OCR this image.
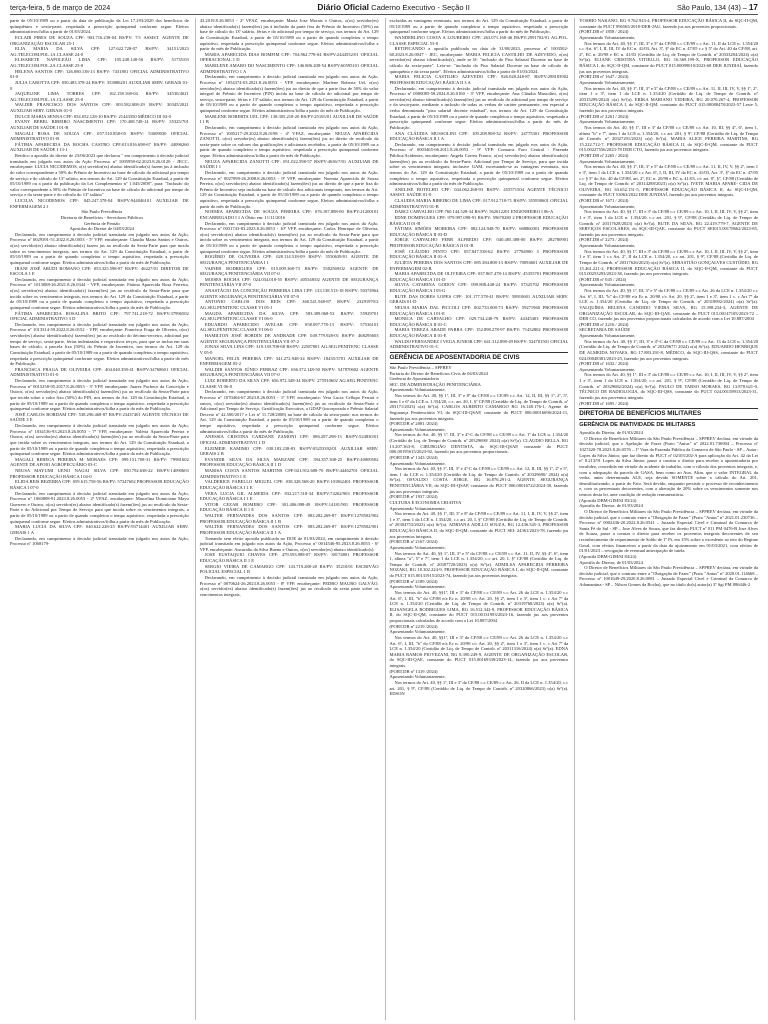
terça-feira, 5 de março de 2024	Diário Oficial Caderno Executivo - Seção II	São Paulo, 134 (43) – 17

parte de 05/10/1989 ou a partir da data de publicação da Lei 17.293/2020 dos benefícios de quinquênios e sexta-parte, respeitada a prescrição quinquenal conforme segue. Efeitos administrativos/folha a partir de 01/03/2024.

ECLAIR PIRES DE SOUZA CPF: 903.716.238-04 RS/PV: 7/1 ASSIST. AGENTE DE ORGANIZAÇÃO ESCOLAR 25-1

ELIA MARIA DA SILVA CPF: 127.622.728-07 RS/PV: 34151/2023 AG.TELECOM.POL.1A.CLASSE 24-0

ELISABETE NAPOLEÃO LIMA CPF: 105.248.148-56 RS/PV: 51735/03 AG.TELECOM.POL.2A.CLASSE 25-0

HELENA SANTOS CPF: 126.080.138-13 RS/PV: 7431801 OFICIAL ADMINISTRATIVO 01-0

JULIA CAROTTA CPF: 050.483.378-24 RS/PV: 353886201 AUXILIAR SERV. GERAIS 01-0

JAQUELINE LIMA TORRES CPF: 162.158.168-04 RS/PV: 34530/4021 AG.TELECOM.POL.1A.CLASSE 25-0

WALDIR FRANCISCO DOS SANTOS CPF: 003.582.008-29 RS/PV: 30345/2021 AUXILIAR SERV. GERAIS 01-0

DULCE MARIA SENNA CPF: 054.052.128-10 RS/PV: 21443350 MÉDICO III 03-0

EVANY BEBEL RIBEIRO NASCIMENTO CPF: 170.408.748-14 RS/PV: 35325/701 AUXILIAR DE SAÚDE I 01-B

MAGALI ROSA DE SOUZA CPF: 057.510.858-05 RS/PV: 53009030 OFICIAL ADMINISTRATIVO 01-B

FÁTIMA APARECIDA DA ROCHA CASTRO CPF:013.816.698-67 RS/PV: 44096260 AUXILIAR DE SAÚDE I 13-1

Retifico a apostila do diretor de 23/06/2023 que declarou " em cumprimento à decisão judicial transitada em julgado nos autos da Ação Processo nº 1005958-62.2023.8.26.0120 - JECC, encabeçante: LUCIA NICODEMOS, o(s) servidor(es) abaixo identificado(s) fazem jus à inclusão do valor correspondente a 50% do Prêmio de Incentivo na base de cálculo do adicional por tempo de serviço e do cálculo do 13º salário, nos termos do Art. 129 da Constituição Estadual, a partir de 05/10/1989 ou a partir da publicação da Lei Complementar nº 1.045/2008", para: "Inclusão do valor correspondente a 50% do Prêmio de Incentivo na base de cálculo do adicional por tempo de serviço e da sexta-parte e do cálculo do 13º salário"

LUCILIA NICODEMOS CPF: 045.247.378-04 RS/PV:944046101 AUXILIAR DE ENFERMAGEM 2 I

São Paulo Previdência

Diretoria de Benefícios - Servidores Públicos

Gerência de Pensão

Apostilas do Diretor de 04/03/2024

Declarando, em cumprimento à decisão judicial transitada em julgado nos autos da Ação, Processo nº 0029391-51.2022.8.26.0053 - 5ª VFP, encabeçante: Claudia Maria Santos e Outros, o(os) servidor(es) abaixo identificado(s) fazem jus ao recálculo da Sexta-Parte para que incida sobre os vencimentos integrais, nos termos do Art. 129 da Constituição Estadual, a partir de 05/10/1989 ou a partir de quando completou o tempo aquisitivo, respeitada a prescrição quinquenal conforme segue. Efeitos administrativos/folha a partir do mês de Publicação.

IRANI JOSÉ ARUDI ROMANO CPF: 053.325.598-87 RS/PV: 46227/01 DIRETOR DE ESCOLA 1 E

Declarando, em cumprimento à decisão judicial transitada em julgado nos autos da Ação, Processo nº 1013088-26.2021.8.26.0344 - VFP, encabeçante: Fátima Aparecida Rosa Ferreira, o(os) servidor(es) abaixo identificado(s) fazem(ões) jus ao recálculo da Sexta-Parte para que incida sobre os vencimentos integrais, nos termos do Art. 129 da Constituição Estadual, a partir de 05/10/1989 ou a partir de quando completou o tempo aquisitivo, respeitada a prescrição quinquenal conforme segue. Efeitos administrativos/folha a partir do mês de Publicação.

FÁTIMA APARECIDA ROSALINA BRITO CPF: 797.741.218-72 RS/PV:37996502 OFICIAL ADMINISTRATIVO 3 D

Declarando, em cumprimento à decisão judicial transitada em julgado nos autos da Ação, Processo nº 1013314-59.2022.8.26.0152 - VFP, encabeçante: Francisca Fraga de Oliveira, o(os) servidor(es) abaixo identificado(s) fazem(ões) jus ao recálculo do décimo-terceiro, adicional por tempo de serviço, sexta-parte, férias indenizadas e respectivos terços, para que se inclua em suas bases de cálculo, a parcela fixa (50%) do Prêmio de Incentivo, nos termos do Art. 129 da Constituição Estadual, a partir de 05/10/1989 ou a partir de quando completou o tempo aquisitivo, respeitada a prescrição quinquenal conforme segue. Efeitos administrativos/folha a partir do mês de Publicação.

FRANCISCA FRAGA DE OLIVEIRA CPF: 404.040.358-41 RS/PV:34768601 OFICIAL ADMINISTRATIVO 01-0

Declarando, em cumprimento à decisão judicial transitada em julgado nos autos da Ação, Processo nº 0015258-95.2017.8.26.0053 - 3ª VFP, encabeçante: Juarez Pacheco da Conceição e Outros, o(os) servidor(es) abaixo identificado(s) fazem(ões) jus ao recálculo da Sexta-Parte para que incida sobre o valor fixo (50%) do PIN, nos termos do Art. 129 da Constituição Estadual, a partir de 05/10/1989 ou a partir de quando completou o tempo aquisitivo, respeitada a prescrição quinquenal conforme segue. Efeitos administrativos/folha a partir do mês de Publicação.

JOSÉ CARLOS BORDAM CPF: 538.296.468-87 RS/PV:23437401 AGENTE TÉCNICO DE SAÚDE 3 E

Declarando, em cumprimento à decisão judicial transitada em julgado nos autos da Ação, Processo nº 1034136-93.2023.8.26.0053 - 7ª VFP, encabeçante: Valéria Aparecida Pereira e Outros, o(os) servidor(es) abaixo identificado(s) fazem(ões) jus ao recálculo da Sexta-Parte para que incida sobre os vencimentos integrais, nos termos do Art. 129 da Constituição Estadual, a partir de 05/10/1989 ou a partir de quando completou o tempo aquisitivo, respeitada a prescrição quinquenal conforme segue. Efeitos administrativos/folha a partir do mês de Publicação.

MAGALI REBECA PEREIRA M MORAES CPF: 099.151.708-31 RS/PV: 79981602 AGENTE DE APOIO AGROPECUÁRIO 03-C

NEUSA MAYUMI UENO NAGAI SILVA CPF: 050.792.638-22 RS/PV:14090603 PROFESSOR EDUCAÇÃO BÁSICA I 04-0

ELIDA REIS BEZERRA CPF: 059.615.758-56 RS/PV: 57347602 PROFESSOR EDUCAÇÃO BÁSICA I 07-0

Declarando, em cumprimento à decisão judicial transitada em julgado nos autos da Ação, Processo nº 1060808-91.2023.8.26.0053 - 2ª VFAZ, encabeçante: Marcelina Domiciano Mayu Guerrero e Outros, o(os) servidor(es) abaixo identificado(s) fazem(ões) jus ao recálculo da Sexta-Parte e do Adicional por Tempo de Serviço para que incida sobre os vencimentos integrais, a partir de 05/10/1989 ou a partir de quando completou o tempo aquisitivo, respeitada a prescrição quinquenal conforme segue. Efeitos administrativos/folha a partir do mês de Publicação.

MARIA LUCIA DA SILVA CPF: 040.622.228-25 RS/PV:93714401 AUXILIAR SERV. GERAIS 1 A

Declarando, em cumprimento à decisão judicial transitada em julgado nos autos da Ação, Processo nº 1068179-

43.2019.8.26.0053 - 2ª VFAZ, encabeçante: Maria Jose Morais e Outros, o(os) servidor(es) abaixo identificado(s) fazem(ões) jus à inclusão da parte fixa do Prêmio de Incentivo (50%) na base de cálculo do 13º salário, férias e do adicional por tempo de serviço, nos termos do Art. 129 da Constituição Estadual, a partir de 05/10/1989 ou a partir de quando completou o tempo aquisitivo, respeitada a prescrição quinquenal conforme segue. Efeitos administrativos/folha a partir do mês de Publicação.

MARIA APARECIDA DIAS BOMFIM CPF: 704.962.778-04 RS/PV:2444552/01 OFICIAL OPERACIONAL 1 D

MARILENE AMARO DO NASCIMENTO CPF: 146.806.208-54 RS/PV:60595101 OFICIAL ADMINISTRATIVO 1 A

Declarando, em cumprimento à decisão judicial transitada em julgado nos autos da Ação, Processo nº 1054374-03.2021.8.26.0053 - VFP, encabeçante: Marlene Roberta Uel, o(os) servidor(es) abaixo identificado(s) fazem(ões) jus ao direito de que a parte fixa de 50% do valor integral do Prêmio de Incentivo (PIN) incida na base de cálculo do adicional por tempo de serviço, sexta-parte, férias e 13º salário, nos termos do Art. 129 da Constituição Estadual, a partir de 05/10/1989 ou a partir de quando completou o tempo aquisitivo, respeitada a prescrição quinquenal conforme segue. Efeitos administrativos/folha a partir do mês de Publicação.

MARLENE ROBERTA UEL CPF: 138.305.218-20 RS/PV:25165/01 AUXILIAR DE SAÚDE I 1 B

Declarando, em cumprimento à decisão judicial transitada em julgado nos autos da Ação, Processo nº 1005217-29.2022.8.26.0198 - 4ª VFAZ, encabeçante: NEUZA APARECIDA ZANOTTI, o(os) servidor(es) abaixo identificado(s) fazem(ões) jus ao direito de recálculo da sexta-parte sobre os valores das gratificações e adicionais recebidos, a partir de 05/10/1989 ou a partir de quando completou o tempo aquisitivo, respeitada a prescrição quinquenal conforme segue. Efeitos administrativos/folha a partir do mês de Publicação.

NEUZA APARECIDA ZANOTTI CPF: 051.022.598-57 RS/PV:4636/7/01 AUXILIAR DE SAÚDE I 1

Declarando, em cumprimento à decisão judicial transitada em julgado nos autos da Ação, Processo nº 0027099-26.2008.8.26.0053 - 9ª VFP, encabeçante: Noemia Aparecida de Souza Pereira, o(os) servidor(es) abaixo identificado(s) fazem(ões) jus ao direito de que a parte fixa do Prêmio de Incentivo seja incluída na base de cálculo dos adicionais temporais, nos termos do Art. 129 da Constituição Estadual, a partir de 05/10/1989 ou a partir de quando completou o tempo aquisitivo, respeitada a prescrição quinquenal conforme segue. Efeitos administrativos/folha a partir do mês de Publicação.

NOEMIA APARECIDA DE SOUZA PEREIRA CPF: 076.187.888-00 RS/PV:21200101 ENCARREGADO I 1 A Óbito em: 11/11/2016

Declarando, em cumprimento à decisão judicial transitada em julgado nos autos da Ação, Processo nº 0031743-83.2023.8.26.0053 - 10ª VFP, encabeçante: Carlos Henrique de Oliveira, o(os) servidor(es) abaixo identificado(s) fazem(ões) jus ao recálculo da Sexta-Parte para que incida sobre os vencimentos integrais, nos termos do Art. 129 da Constituição Estadual, a partir de 05/10/1989 ou a partir de quando completou o tempo aquisitivo, respeitada a prescrição quinquenal conforme segue. Efeitos administrativos/folha a partir do mês de Publicação.

ROGÉRIO DE OLIVEIRA CPF: 028.114.518-09 RS/PV: 5550639/01 AGENTE DE SEGURANÇA PENITENCIÁRIA I 1

VAINER RODRIGUES CPF: 015.009.368-73 RS/PV: 5502569/02 AGENTE DE SEGURANÇA PENITENCIÁRIA VII 07-0

MOISES ROCHA CPF: 024.034.018-55 RS/PV: 405548/02 AGENTE DE SEGURANÇA PENITENCIÁRIA VII 07-0

ANASTÁCIO DA CONCEIÇÃO FERREIRA LIRA CPF: 133.138.513-18 RS/PV: 50374964 AGENTE SEGURANÇA PENITENCIÁRIA VII 07-0

ANTONIO CARLOS DOS REIS CPF: 360.541.948-87 RS/PV: 23291970/2 AG.SEG.PENITENC CLASSE VI 05-1

MAGDA APARECIDA DA SILVA CPF: 583.389.068-53 RS/PV: 55929701 AG.SEG.PENITENC.CLASSE VI 06-0

EDUARDO APARECIDO AVELAR CPF: 058.097.778-13 RS/PV: 57536101 AG.SEG.PENITENC.CLASSE VI 06-0

HAMILTON JOSÉ BORDIN DE ANDRADE CPF: 049.779.928-01 RS/PV: 468295603 AGENTE SEGURANÇA PENITENCIÁRIA VII 07-2

JONAS SILVA LINS CPF: 319.139.708-68 RS/PV: 22587801 AG.SEG.PENITENC CLASSE V 05-0

MANOEL FELIX PEREIRA CPF: 341.272.948-34 RS/PV: 18435/3701 AUXILIAR DE ENFERMAGEM 05-2

WALDIR SANTOS JÚNIO FERRAZ CPF: 656.372.148-50 RS/PV: 547870602 AGENTE SEGURANÇA PENITENCIÁRIA VII 07-0

LUIZ ROBERTO DA SILVA CPF: 656.972.348-34 RS/PV: 275910602 AG.SEG.PENITENC CLASSE VI 06-0

Declarando, em cumprimento à decisão judicial transitada em julgado nos autos da Ação, Processo nº 1070464-67.2023.8.26.0053 - 1ª VFP, encabeçante: Vera Lucia Cellupo Ferrari e outros, o(os) servidor(es) abaixo identificado(s) fazem(ões) jus ao recálculo da Sexta-Parte e Adicional por Tempo de Serviço, Gratificação Executiva, a GDAP (incorporada e Prêmio Salarial Decreto nº 42.500/2017 e Lei nº 11.728/2008) na base de cálculo da sexta-parte, nos termos do Art. 129 da Constituição Estadual, a partir de 05/10/1989 ou a partir de quando completou o tempo aquisitivo, respeitada a prescrição quinquenal conforme segue. Efeitos administrativos/folha a partir do mês de Publicação.

ANESSIA CRISTINA CARDANE ZAMONI CPF: 086.297.298-13 RS/PV:524830/01 OFICIAL ADMINISTRATIVO 1 D

ELEIMEIE KAMIMO CPF: 038.183.238-83 RS/PV:05253392/01 AUXILIAR SERV. GERAIS 2 B

EVANDIR SILVA DA SILVA MARZARI CPF: 394.357.308-25 RS/PV:40009502 PROFESSOR EDUCAÇÃO BÁSICA II 1 D

MARISA COSTA SANTOS MARTINS CPF:021.912.688-70 RS/PV:44462701 OFICIAL ADMINISTRATIVO 1 E

VALDERICE FABELLO MIGUEL CPF: 038.328.568-20 RS/PV:101862401 PROFESSOR EDUCAÇÃO BÁSICA I 1 E

VERA LUCIA GIL ALMEIDA CPF: 832.217.518-34 RS/PV:74262/903 PROFESSOR EDUCAÇÃO BÁSICA I 1 E

VITOR CEZAR ROMERO CPF: 301.406.098-49 RS/PV:14181/901 PROFESSOR EDUCAÇÃO BÁSICA II 1 E

WALTER FERNANDES DOS SANTOS CPF: 083.282.269-87 RS/PV:1278502/902 PROFESSOR EDUCAÇÃO BÁSICA II 1 B

WALTER FERNANDES DOS SANTOS CPF: 083.282.269-87 RS/PV:1278502/901 PROFESSOR EDUCAÇÃO BÁSICA II 1 A

Tornando sem efeito apostila publicada no DOE de 01/03/2024, em cumprimento à decisão judicial transitada em julgado nos autos da Ação, Processo nº 0014546-95.2023.8.26.0053 - 6ª VFP, encabeçante: Ancuralio da Silva Bueno e Outros, o(os) servidor(es) abaixo identificado(s).

JOSE EUSTAQUIO CHAVES CPF: 479.593.988-87 RS/PV: 38174801 PROFESSOR EDUCAÇÃO BÁSICA II 1 E

SERGIO VIEIRA DE CAMARGO CPF: 143.719.288-20 RS/PV: 35210/01 ESCRIVÃO POLICIAL ESPECIAL 1 B

Declarando, em cumprimento à decisão judicial transitada em julgado nos autos da Ação, Processo nº 0070624-26.2023.8.26.0053 - 8ª VFP, encabeçante: PEDRO MAURO GALVÃO, o(os) servidor(es) abaixo identificado(s) fazem(ões) jus ao recálculo da sexta parte sobre os vencimentos integrais,

excluídas as vantagens eventuais, nos termos do Art. 129 da Constituição Estadual, a partir de 05/10/1989 ou a partir de quando completou o tempo aquisitivo, respeitada a prescrição quinquenal conforme segue. Efeitos administrativos/folha a partir do mês de Publicação.

WANDERLINO COSTA A LOUREIRO CPF: 263.071.168-46 RS/PV:2991702/01 AG.POL. CLASSE ESPECIAL 53-0

RETIFICANDO a apostila publicada no data de 31/08/2023, processo nº 1003502-60.2023.8.26.0047 - JEC, encabeçante: MARIA FELICIA CASTILHO DE AZEVEDO, o(os) servidor(es) abaixo identificado(s), onde se lê: "inclusão do Piso Salarial Docente na base de cálculo da sexta-parte". Leia-se: "inclusão do Piso Salarial Docente na base de cálculo do quinquênio e da sexta parte". Efeitos administrativos/folha a partir de 01/03/2024.

MARIA FELICIA CASTILHO AZEVEDO CPF: 826.028.248-87 RS/PV:298183902 PROFESSOR EDUCAÇÃO BÁSICA II 3 A

Declarando, em cumprimento à decisão judicial transitada em julgado nos autos da Ação, Processo nº 0000085-58.2024.8.26.0160 - 3ª VFP, encabeçante: Ana Cláudia Mussolini, o(os) servidor(es) abaixo identificado(s) fazem(ões) jus ao recálculo do adicional por tempo de serviço e da sexta-parte, mediante a inclusão de todas as verbas de caráter permanente, em especial a verba denominada "piso salarial docente estadual", nos termos do Art. 129 da Constituição Estadual, a partir de 05/10/1989 ou a partir de quando completou o tempo aquisitivo, respeitada a prescrição quinquenal conforme segue. Efeitos administrativos/folha a partir do mês de Publicação.

ANA CLÁUDIA MUSSOLINI CPF: 109.208.908-32 RS/PV: 24775301 PROFESSOR EDUCAÇÃO BÁSICA II 1 A

Declarando, em cumprimento à decisão judicial transitada em julgado nos autos da Ação, Processo nº 0003465-66.2011.8.26.0053 - 9ª VFP: Comarca Foro Central - Fazenda Pública/Acidentes, encabeçante: Angela Correa Franco, o(os) servidor(es) abaixo identificado(s) fazem(ões) jus ao recálculo da Sexta-Parte, Adicional por Tempo de Serviço, para que incida sobre os vencimentos integrais, inclusive GAM, excetuando-se as vantagens eventuais, nos termos do Art. 129 da Constituição Estadual, a partir de 05/10/1989 ou a partir de quando completou o tempo aquisitivo, respeitada a prescrição quinquenal conforme segue. Efeitos administrativos/folha a partir do mês de Publicação.

ANELISE BOTELHO CPF: 044.062.268-93 RS/PV: 455571504 AGENTE TÉCNICO ASSIST. SAÚDE 01-0

CLAUDIA MARIA RIBEIRO DE LIMA CPF: 017.912.718-71 RS/PV: 355830601 OFICIAL ADMINISTRATIVO 01-B

DARCI CARVALHO CPF:760.144.528-34 RS/PV: 562612201 ENGENHEIRO I 06-A

EDNE DOMINGUES CPF: 979.997.098-91 RS/PV: 59670280 2 PROFESSOR EDUCAÇÃO BÁSICA II 01-B

FÁTIMA SIMÕES MOREIRA CPF: 082.124.948-70 RS/PV: 668860301 PROFESSOR EDUCAÇÃO BÁSICA II 03-D

JORGE CARVALHO FERR ALFREDO CPF: 040.485.388-00 RS/PV: 282780901 PROFESSOR EDUCAÇÃO BÁSICA II 01-B

JOSÉ CLÁUDIO PINTO CPF: 057.847.538-62 RS/PV: 27784900 3 PROFESSOR EDUCAÇÃO BÁSICA II 01-A

JULIETA PEREIRA DOS SANTOS CPF: 085.384.808-13 RS/PV: 70094601 AUXILIAR DE ENFERMAGEM 02-B

MARIA APARECIDA DE OLIVEIRA CPF: 037.867.478-14 RS/PV: 45355701 PROFESSOR EDUCAÇÃO BÁSICA I 01-D

SILVIA CATARINA GODOY CPF: 099.808.448-24 RS/PV: 57325702 PROFESSOR EDUCAÇÃO BÁSICA I 03-G

RUTE DAS DORES LOPES CPF: 101.177.578-41 RS/PV: 58910601 AUXILIAR SERV. GERAIS 01-D

NEUSA MARIA DAL PICCOLI CPF: 002.733.008-73 RS/PV: 59271960 PROFESSOR EDUCAÇÃO BÁSICA I 01-E

MONICA DE CARVALHO CPF: 029.734.248-79 RS/PV: 44345403 PROFESSOR EDUCAÇÃO BÁSICA II 01-C

MARIA TEREZA ABADE PARRA CPF: 152.898.278-97 RS/PV: 71432802 PROFESSOR EDUCAÇÃO BÁSICA II 01-E

WALDO FERNANDEZ I VEGA JUNIOR CPF: 641.312.898-49 RS/PV: 524701501 OFICIAL ADMINISTRATIVO 01-C

GERÊNCIA DE APOSENTADORIA DE CIVIS

São Paulo Previdência – SPPREV

Portaria do Diretor de Benefícios Civis de 04/03/2024

Gerência de Aposentadoria

SEC. DE ADMINISTRAÇÃO PENITENCIÁRIA

Aposentando Voluntariamente,

Nos termos do Art. 40, §§ 1º, III, 3º e 8º da CF/88 c.c CE/89 c.c Art. 12, II, III, §§ 1º, 2º, 5º, item 1 e 6º da LCE n. 1.354/20, c.c. art. 20, I, §º CF/88 (Certidão de Liq. de Tempo de Contrib. nº 203171/2023) o(a) Srº(a). CARLOS ALBERTO CAMARGO RG 16.148.176-1, Agente de Segurança Penitenciária VI, do SQC-III-QSAP, constante do PUCT 006.00016696/2024-11, fazendo jus aos proventos integrais.

(PORT.DB nº 2081 /2024)

Aposentando Voluntariamente,

Nos termos do Art. 40, §§ 1º, III, 3º e 4º-C da CF/88 c.c CE/89 c.c Art. 1º da LCE n. 1.354/20 (Certidão de Liq. de Tempo de Contrib. nº 20329690/ 2024) o(a) Srº(a). CLAUDIO BELLA, RG 13.207.363-8, CIRURGIÃO DENTISTA, do SQC-III-QSAP, constante do PUCT 006.00195615/2023-92, fazendo jus aos proventos proporcionais.

(PORT.DB nº 1343 /2024)

Aposentando Voluntariamente,

Nos termos do Art. 40, §§ 1º, III, 3º e 4º-C da CF/88 c.c CE/89 c.c Art. 12, II, III, §§ 1º, 2º e 5º, item 1 do LCE n. 1.354/20 (Certidão de Liq. de Tempo de Contrib. nº 20329690/ 2024) o(a) Srº(a). OSVALDO COSTA JORGE, RG 16.876.291-2, AGENTE SEGURANÇA PENITENCIÁRIA VII, do SQC-III-QSAP, constante do PUCT 006.00016722/2024-30, fazendo jus aos proventos integrais.

(PORT.DB nº 1937 /2024)

CULTURA E ECONOMIA CRIATIVA

Aposentando Voluntariamente,

Nos termos do Art. 40, §§ 1º, III, 3º e 8º da CF/88 c.c CE/89 c.c Art. 11, I, II, IV, V, §§ 2º, item 1 e 3º, item 1 da LCE n. 1.354/20, c.c art. 20, I, §º CF/88 (Certidão de Liq. de Tempo de Contrib. nº 20304753/2023) o(a) Srº(a). ADRIANA ADILLO SOUZA, RG 12.436.345-3, PROFESSOR EDUCAÇÃO BÁSICA II, do SQC-II-QM, constante do PUCT SEI: 24361/2023-78, fazendo jus aos proventos integrais.

(PORT.DB nº 2167 /2024)

Aposentando Voluntariamente,

Nos termos do Art. 40, §§ 1º, III, 3º e 5º da CF/88 c.c CE/89 c.c Art. 11, II, IV, §§ 4º, 6º, item 1, alínea "a", 5º e 7º, item 1 da LCE n. 1.354/20, c.c art. 20, I, §º CF/88 (Certidão de Liq. de Tempo de Contrib. nº 20307720/2023) o(a) Srº(a). ADMILSA APARECIDA FERREIRA NOZAKI, RG 18.302.224-9, PROFESSOR EDUCAÇÃO BÁSICA I, do SQC-II-QM, constante do PUCT 015.00131915/2023-74, fazendo jus aos proventos integrais.

(PORT.DB nº 2189 /2024)

Aposentando Voluntariamente,

Nos termos do Art. 40, §§1º, III e 3º da CF/88 c.c CE/89 c.c Art. 26 da LCE n. 1.354/20 c.c Art. 6º, I, III, "b" do CF/88 e/a Ec n. 20/98 c/c Art. 20, §§ 2º, item 1 e 3º, item 1 c. c Art 7º da LCE n. 1.354/20 (Certidão de Liq. de Tempo de Contrib. nº 20319768/2023) o(a) Srº(a). ELISANGELA RODRIGUES LIMA, RG 16.512.342-9, PROFESSOR EDUCAÇÃO BÁSICA II, do SQC-II-QM, constante do PUCT 015.00131993/2023-16, fazendo jus aos proventos proporcionais calculados de acordo com a Lei 10.887/2004

(PORT.DB nº 2219 /2024)

Aposentando Voluntariamente,

Nos termos do Art. 40, §§1º, III e 3º da CF/88 c.c CE/89 c.c Art. 26 da LCE n. 1.354/20 c.c Art. 6º, I, III, "b" do CF/88 e/a Ec n. 20/98 c/c Art. 20, §§ 2º, item 1 e 3º, item 1 c. c Art 7º da LCE n. 1.354/20 (Certidão de Liq. de Tempo de Contrib. nº 20311316/2024) o(a) Srº(a). EDNA MARIA RAMOS PIOVEZANI, RG 8.390.249-9, AGENTE DE ORGANIZAÇÃO ESCOLAR, do SQC-III-QAE, constante do PUCT 015.00169339/2023-14, fazendo jus aos proventos integrais.

(PORT.DB nº 1319 /2024)

Aposentando Voluntariamente,

Nos termos do Art. 40, §§ 1º, III e 3º da CF/88 c.c CE/89 c.c Art. 26, II da LCE n. 1.354/20, c.c art. 201, § 9º, CF/88 (Certidão de Liq. de Tempo de Contrib. nº 20320866/2023) o(a) Srº(a). EDSON

YOSHIO NAKANO, RG 9.762.923-4, PROFESSOR EDUCAÇÃO BÁSICA II, do SQC-II-QM, constante do PUCT 996565/2018-DER-JAU, fazendo jus aos proventos proporcionais.

(PORT.DB nº 1858 / 2024)

Aposentando Voluntariamente,

Nos termos do Art. 40, §§ 1º, III, 3º e 5º da CF/88 c.c CE/89 c.c Art. 11, II da LCE n. 1.354/20 c.c Art. 6º, I, II, III, IV da EC n. 41/03, Art. 3º, §º da EC n. 47/05 c.c § 5º do Art. 40 da CF/88, art. 2º, EC n. 20/98 e EC n. 41/03 (Certidão de Liq. de Tempo de Contrib. nº 20333284/2024) o(a) Srº(a). ELIANE CRISTINA VITIELLO, RG 16.369.199-X, PROFESSOR EDUCAÇÃO BÁSICA I, do SQC-II-QM, constante do PUCT 015.00099010/2023-68 DER JUNDIAÍ, fazendo jus aos proventos integrais.

(PORT.DB nº 1647 / 2024)

Aposentando Voluntariamente,

Nos termos do Art. 40, §§ 1º, III, 3º e 5º da CF/88 c.c CE/89 c.c Art. 11, II, III, IV, V, §§ 1º, 2º, item 1 e 3º, item 1 da LCE n. 1.354/20 (Certidão de Liq. de Tempo de Contrib. nº 20315299/2024) o(a) Srº(a). ERIKA MARIANO VIDEIRA, RG 20.070.267-4, PROFESSOR EDUCAÇÃO BÁSICA I, do SQC-II-QM, constante do PUCT 015.00088478/2023-57 Leste 5, fazendo jus aos proventos integrais.

(PORT.DB nº 2261 / 2024)

Aposentando Voluntariamente,

Nos termos do Art. 40, §§ 1º, III e 3º da CF/88 c.c CE/89 c.c Art. 10, III, §§ 4º, 6º, item 1, alínea "b" e 7º, item 1 da LCE n. 1.354/20, c.c art. 201, § 9º, CF/88 (Certidão de Liq. de Tempo de Contrib. nº 20327291/2023) o(a) Srº(a). MARIA ALICE PEREIRA MARTINS, RG 15.222.712-7, PROFESSOR EDUCAÇÃO BÁSICA II, do SQC-II-QM, constante do PUCT 015.00227556/2023-78 DER CTO, fazendo jus aos proventos integrais.

(PORT.DB nº 2265 / 2024)

Aposentando Voluntariamente,

Nos termos do Art. 40, §§ 1º, III, 3º e 5º da CF/88 c.c CE/89 c.c Art. 11, II, IV, V, §§ 2º, item 1 e 3º, item 1 da LCE n. 1.354/20 c.c Art. 6º, I, II, III, IV da EC n. 41/03, Art. 3º, §º da EC n. 47/05 c.c § 5º do Art. 40 da CF/88, art. 2º, EC n. 20/98 e EC n. 41/03, c/c art. 8º, §º, CF/88 (Certidão de Liq. de Tempo de Contrib. nº 20314288/2023) o(a) Srº(a). IVETE MARIA APARE- CIDA DE OLIVEIRA, RG 63.652.151-5, PROFESSOR EDUCAÇÃO BÁSICA II, do SQC-II-QM, constante do PUCT 53063/2022 DER JUNDIAÍ, fazendo jus aos proventos integrais.

(PORT.DB nº 1671 / 2024)

Aposentando Voluntariamente,

Nos termos do Art. 40, §§ 1º, III e 3º da CF/88 c.c CE/89 c.c Art. 10, I, II, III, IV, V, §§ 2º, item 1 e 3º, item 1 da LCE n. 1.354/20, c.c art. 201, § 9º, CF/88 (Certidão de Liq. de Tempo de Contrib. nº 20317628/2023) o(a) Srº(a). RUTE DA SILVA, RG 22.419.779-7, AGENTE DE SERVIÇOS ESCOLARES, do SQC-III-QAE, constante do PUCT SEI015.00178662/2023-85, fazendo jus aos proventos integrais.

(PORT.DB nº 2273 / 2024)

Aposentando Voluntariamente,

Nos termos do Art. 40, §§ 1º, III e 3º da CF/88 c.c CE/89 c.c Art. 10, I, II, III, IV, V, §§ 2º, item 1 e 3º, item 1 c.c Art. 2º, II da LCE n. 1.354/20, c.c art. 201, § 9º, CF/88 (Certidão de Liq. de Tempo de Contrib. nº 20317626/2023) o(a) Srº(a). SEBASTIÃO GONÇALVES CUSTÓDIO, RG 15.461.221-2, PROFESSOR EDUCAÇÃO BÁSICA II, do SQC-II-QM, constante do PUCT 015.00253293/2023-38, fazendo jus aos proventos integrais.

(PORT.DB nº 045 / 2024)

Aposentando Voluntariamente,

Nos termos do Art. 40, §§ 1º, III, 3º e 5º da CF/88 c.c CE/89 c.c Art. 26 da LCE n. 1.354/20 c.c Art. 6º, I, III, "b" do CF/88 e/a Ec n. 20/98 c/c Art. 20, §§ 2º, item 1 e 3º, item 1 c. c Art 7º da LCE n. 1.354/20 (Certidão de Liq. de Tempo de Contrib. nº 20318992/2024) o(a) Srº(a). VALQUÍRIA HELENA CANDIDO VIEIRA SILVA, RG 15.398.234-3, AGENTE DE ORGANIZAÇÃO ESCOLAR, do SQC-III-QAE, constante do PUCT 015.00147105/2023-72 – DER CO, fazendo jus aos proventos proporcionais calculados de acordo com a Lei 10.887/2004

(PORT.DB nº 2216 / 2024)

SECRETARIA DE SAÚDE

Aposentando Voluntariamente,

Nos termos do Art. 40, §§ 1º, III, 3º e 4º-C da CF/88 c.c CE/89 c.c Art. 13 da LCE n. 1.354/20 (Certidão de Liq. de Tempo de Contrib. nº 20329677/ 2024) o(a) Srº(a). EDUARDO HENRIQUE DE ALMEIDA NOVAES, RG 17.883.291-8, MÉDICO, do SQC-III-QSS, constante do PUCT 024.00048381/2023-25, fazendo jus aos proventos integrais.

(PORT.DB nº 1632 / 2024)

Aposentando Voluntariamente,

Nos termos do Art. 40, §§ 1º, III e 3º da CF/88 c.c CE/89 c.c Art. 10, I, II, III, IV, V, §§ 2º, item 1 e 3º, item 1 da LCE n. 1.354/20, c.c art. 201, § 9º, CF/88 (Certidão de Liq. de Tempo de Contrib. nº 20329682/2024) o(a) Srº(a). PAULO DE TARSO MORAES, RG 13.878.621-0, TÉCNICO DE RADIOLOGIA, do SQC-III-QSS, constante do PUCT 024.00158913/2023-31, fazendo jus aos proventos integrais.

(PORT.DB nº 1695 / 2024)

DIRETORIA DE BENEFÍCIOS MILITARES
GERÊNCIA DE INATIVIDADE DE MILITARES

Apostila do Diretor, de 01/03/2024

O Diretor de Benefícios Militares da São Paulo Previdência – SPPREV declara, em virtude da decisão judicial, que o Apelação de Fazer (Prato "Antus" nº 2022.01.736904 – Processo nº 1027420-78.2023.8.26.0576 – 1ª Vara da Fazenda Pública da Comarca de São Paulo - SP – Autor: Lopes da Silva Júnior, que faz direito do PUCT nº 02103/202-A para aplicação do Art. 42 da Lei nº 8.213/91 Lopes da Silva Júnior, passe a constar o direito para receber a aposentadoria por invalidez, concedida em virtude do acidente de trabalho, com o cálculo dos proventos integrais, e, com a adequação da parcela de GASA, bem como ao Aux. Alim. que o valor INTEGRAL da verba, antes determinada ALE, seja devido SOMENTE sobre o cálculo do Art. 201, desmilitarizando, a partir do Fato. Será devido, enquanto persistir o processo de reconhecimento e, com os percentuais decorrentes, com a alteração de 20% sobre os vencimentos somente nos termos desta lei, ante condição de redução remuneratória.

(Apostila DBM-GIM/SI 83/24)

Apostila do Diretor, de 01/03/2024

O Diretor de Benefícios Militares da São Paulo Previdência – SPPREV declara, em virtude da decisão judicial, que o contrato entre a "Obrigação de Fazer" (Prato "Antus" nº 2021.01.230736 – Processo nº 0002436-20.2022.8.26.0541 – Juizado Especial Cível e Criminal da Comarca de Santa Fé do Sul - SP – Jose Alves de Souza, que faz direito PUCT nº 011 PM 0476-B Jose Alves de Souza, passe a constar o direito para receber os proventos integrais decorrentes de seu reconhecimento de requerimento de Soldo de 1º Pt, em 15% sobre o excedente ao teto do Regime Geral, com efeitos financeiros a partir da data do ajuizamento em 01/03/2021, com efeitos de 01/01/2023 – revogação de eventual antecipação de tutela.

(Apostila DBM-GIM/SI 84/24)

Apostila do Diretor, de 01/03/2024

O Diretor de Benefícios Militares da São Paulo Previdência – SPPREV declara, em virtude da decisão judicial, que o contrato entre a "Obrigação de Fazer" (Prato "Antus" nº 2020.01.114668 – Processo nº 1001649-29.2020.8.26.0081 – Juizado Especial Cível e Criminal da Comarca de Adamantina - SP – Nilson Gomes da Rocha), que no título do(s) autor(a) 3º Sgt PM 886446-2
